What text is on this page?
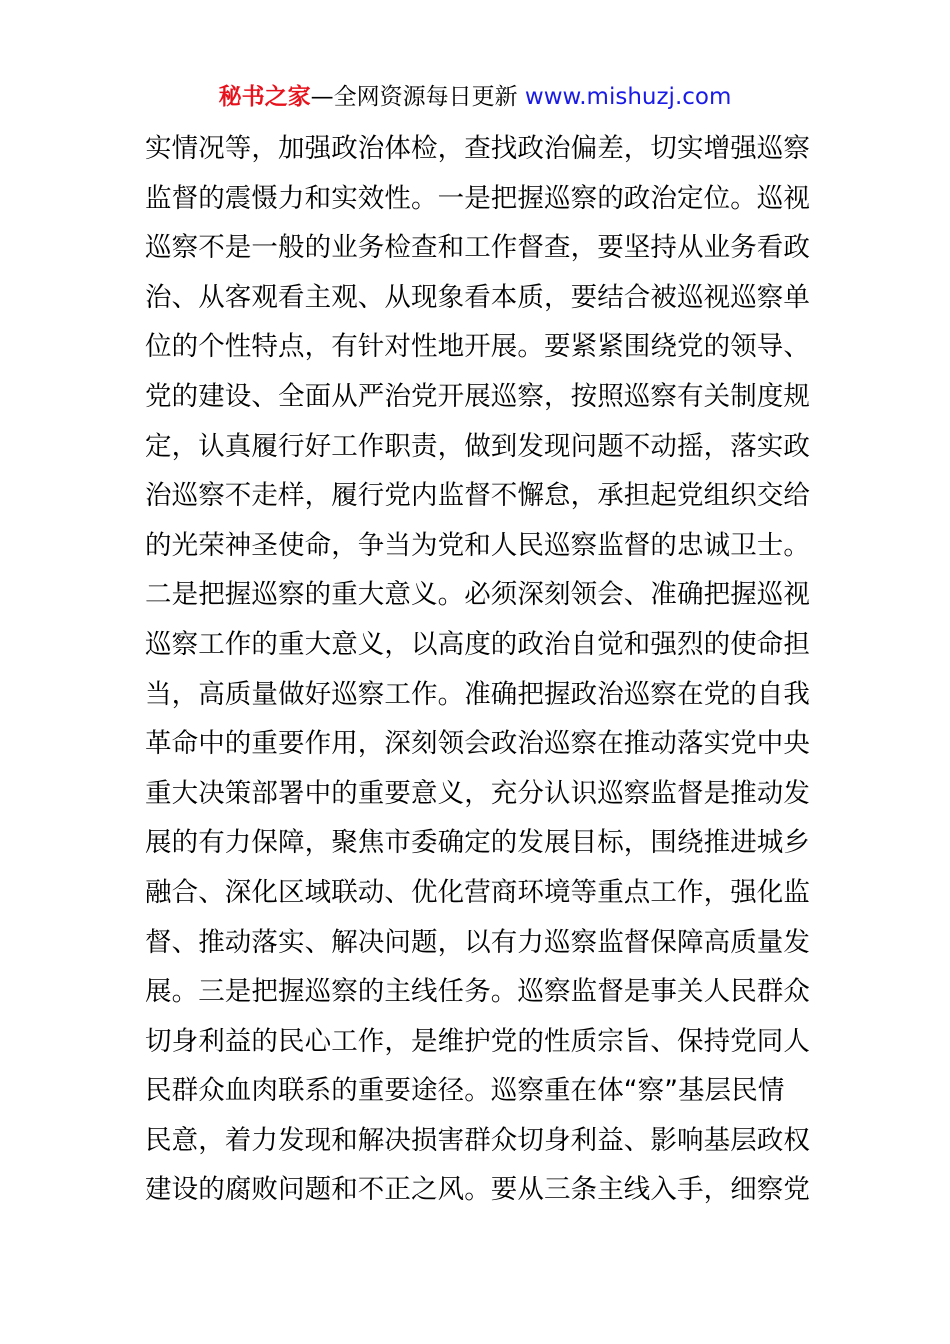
秘书之家—全网资源每日更新 www.mishuzj.com
实情况等，加强政治体检，查找政治偏差，切实增强巡察
监督的震慑力和实效性。一是把握巡察的政治定位。巡视
巡察不是一般的业务检查和工作督查，要坚持从业务看政
治、从客观看主观、从现象看本质，要结合被巡视巡察单
位的个性特点，有针对性地开展。要紧紧围绕党的领导、
党的建设、全面从严治党开展巡察，按照巡察有关制度规
定，认真履行好工作职责，做到发现问题不动摇，落实政
治巡察不走样，履行党内监督不懈怠，承担起党组织交给
的光荣神圣使命，争当为党和人民巡察监督的忠诚卫士。
二是把握巡察的重大意义。必须深刻领会、准确把握巡视
巡察工作的重大意义，以高度的政治自觉和强烈的使命担
当，高质量做好巡察工作。准确把握政治巡察在党的自我
革命中的重要作用，深刻领会政治巡察在推动落实党中央
重大决策部署中的重要意义，充分认识巡察监督是推动发
展的有力保障，聚焦市委确定的发展目标，围绕推进城乡
融合、深化区域联动、优化营商环境等重点工作，强化监
督、推动落实、解决问题，以有力巡察监督保障高质量发
展。三是把握巡察的主线任务。巡察监督是事关人民群众
切身利益的民心工作，是维护党的性质宗旨、保持党同人
民群众血肉联系的重要途径。巡察重在体“察”基层民情
民意，着力发现和解决损害群众切身利益、影响基层政权
建设的腐败问题和不正之风。要从三条主线入手，细察党
